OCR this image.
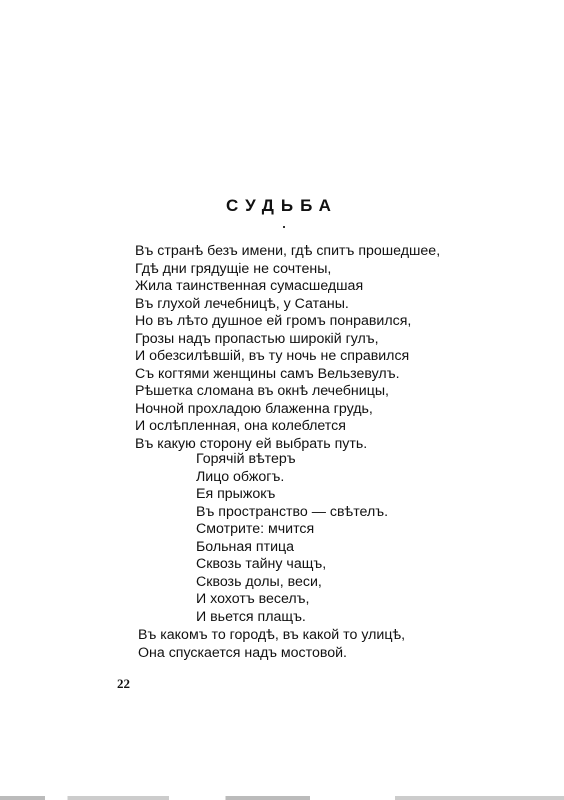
СУДЬБА
Въ странѣ безъ имени, гдѣ спитъ прошедшее,
Гдѣ дни грядущіе не сочтены,
Жила таинственная сумасшедшая
Въ глухой лечебницѣ, у Сатаны.
Но въ лѣто душное ей громъ понравился,
Грозы надъ пропастью широкій гулъ,
И обезсилѣвшій, въ ту ночь не справился
Съ когтями женщины самъ Вельзевулъ.
Рѣшетка сломана въ окнѣ лечебницы,
Ночной прохладою блаженна грудь,
И ослѣпленная, она колеблется
Въ какую сторону ей выбрать путь.
Горячій вѣтеръ
Лицо обжогъ.
Ея прыжокъ
Въ пространство — свѣтелъ.
Смотрите: мчится
Больная птица
Сквозь тайну чащъ,
Сквозь долы, веси,
И хохотъ веселъ,
И вьется плащъ.
Въ какомъ то городѣ, въ какой то улицѣ,
Она спускается надъ мостовой.
22
